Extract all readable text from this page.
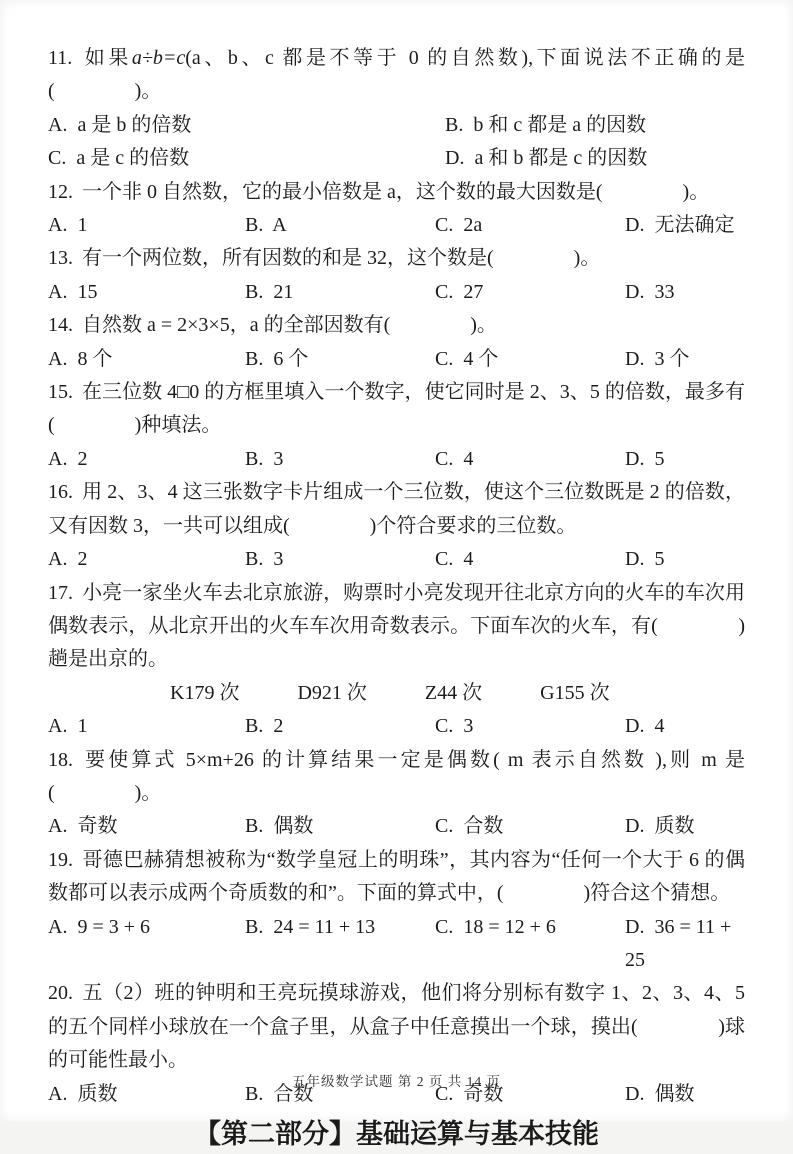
11. 如果a÷b=c(a、b、c 都是不等于 0 的自然数),下面说法不正确的是(　　　　)。

A.  a 是 b 的倍数	B.  b 和 c 都是 a 的因数
C.  a 是 c 的倍数	D.  a 和 b 都是 c 的因数

12. 一个非 0 自然数，它的最小倍数是 a，这个数的最大因数是(　　　　)。

A.  1	B.  A	C.  2a	D.  无法确定

13. 有一个两位数，所有因数的和是 32，这个数是(　　　　)。

A.  15	B.  21	C.  27	D.  33

14. 自然数 a = 2×3×5，a 的全部因数有(　　　　)。

A.  8 个	B.  6 个	C.  4 个	D.  3 个

15. 在三位数 4□0 的方框里填入一个数字，使它同时是 2、3、5 的倍数，最多有(　　　　)种填法。

A.  2	B.  3	C.  4	D.  5

16. 用 2、3、4 这三张数字卡片组成一个三位数，使这个三位数既是 2 的倍数，又有因数 3，一共可以组成(　　　　)个符合要求的三位数。

A.  2	B.  3	C.  4	D.  5

17. 小亮一家坐火车去北京旅游，购票时小亮发现开往北京方向的火车的车次用偶数表示，从北京开出的火车车次用奇数表示。下面车次的火车，有(　　　　)趟是出京的。

K179 次	D921 次	Z44 次	G155 次
A.  1	B.  2	C.  3	D.  4

18. 要使算式 5×m+26 的计算结果一定是偶数( m 表示自然数 ),则 m 是(　　　　)。

A.  奇数	B.  偶数	C.  合数	D.  质数

19. 哥德巴赫猜想被称为“数学皇冠上的明珠”，其内容为“任何一个大于 6 的偶数都可以表示成两个奇质数的和”。下面的算式中，(　　　　)符合这个猜想。

A.  9 = 3 + 6	B.  24 = 11 + 13	C.  18 = 12 + 6	D.  36 = 11 + 25

20. 五（2）班的钟明和王亮玩摸球游戏，他们将分别标有数字 1、2、3、4、5 的五个同样小球放在一个盒子里，从盒子中任意摸出一个球，摸出(　　　　)球的可能性最小。

A.  质数	B.  合数	C.  奇数	D.  偶数
【第二部分】基础运算与基本技能
五年级数学试题 第 2 页 共 14 页
